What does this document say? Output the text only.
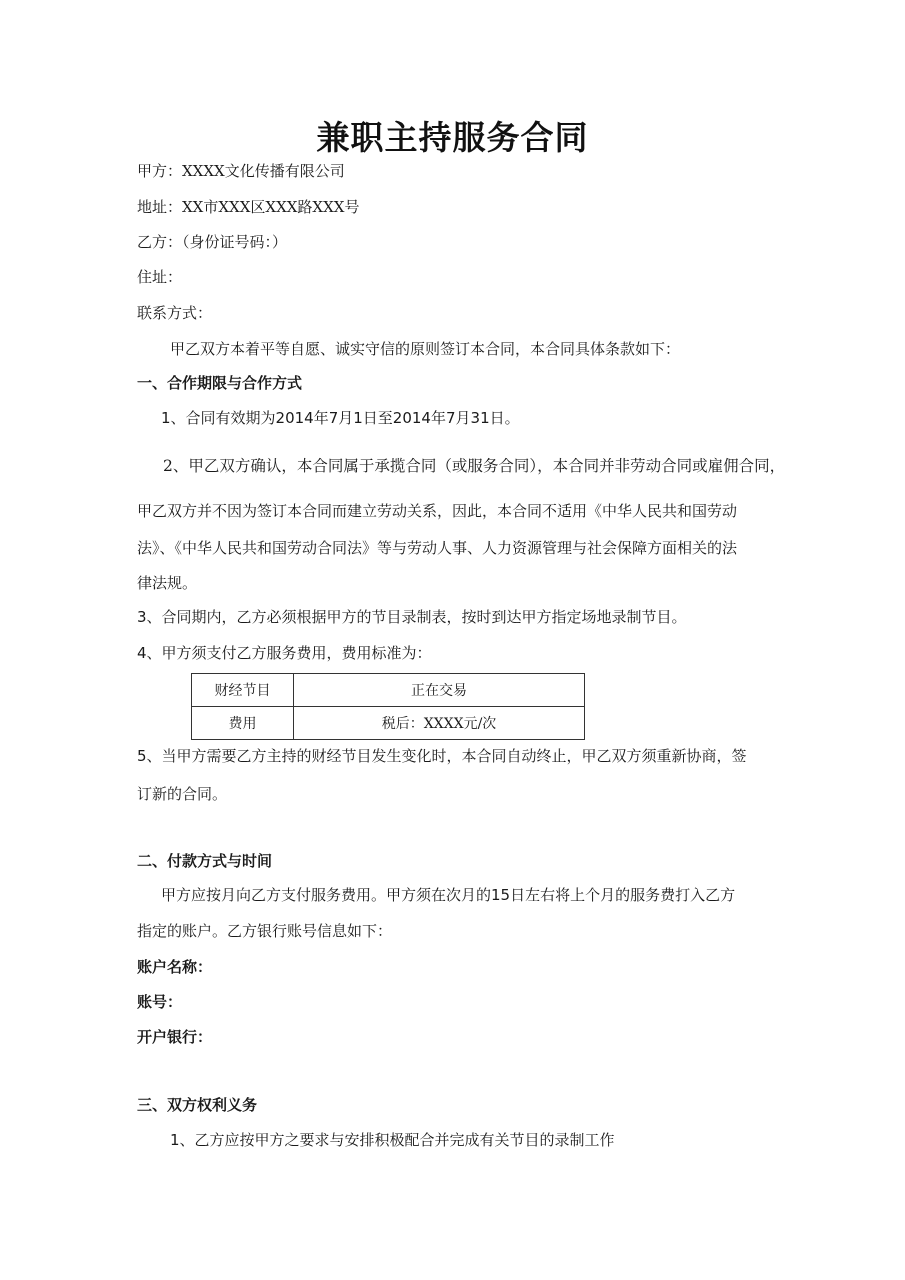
兼职主持服务合同
甲方：XXXX文化传播有限公司
地址：XX市XXX区XXX路XXX号
乙方：（身份证号码：）
住址：
联系方式：
甲乙双方本着平等自愿、诚实守信的原则签订本合同，本合同具体条款如下：
一、合作期限与合作方式
1、合同有效期为2014年7月1日至2014年7月31日。
2、甲乙双方确认，本合同属于承揽合同（或服务合同），本合同并非劳动合同或雇佣合同，
甲乙双方并不因为签订本合同而建立劳动关系，因此，本合同不适用《中华人民共和国劳动
法》、《中华人民共和国劳动合同法》等与劳动人事、人力资源管理与社会保障方面相关的法
律法规。
3、合同期内，乙方必须根据甲方的节目录制表，按时到达甲方指定场地录制节目。
4、甲方须支付乙方服务费用，费用标准为：
财经节目	正在交易
费用	税后：XXXX元/次
5、当甲方需要乙方主持的财经节目发生变化时，本合同自动终止，甲乙双方须重新协商，签
订新的合同。
二、付款方式与时间
甲方应按月向乙方支付服务费用。甲方须在次月的15日左右将上个月的服务费打入乙方
指定的账户。乙方银行账号信息如下：
账户名称：
账号：
开户银行：
三、双方权利义务
1、乙方应按甲方之要求与安排积极配合并完成有关节目的录制工作
